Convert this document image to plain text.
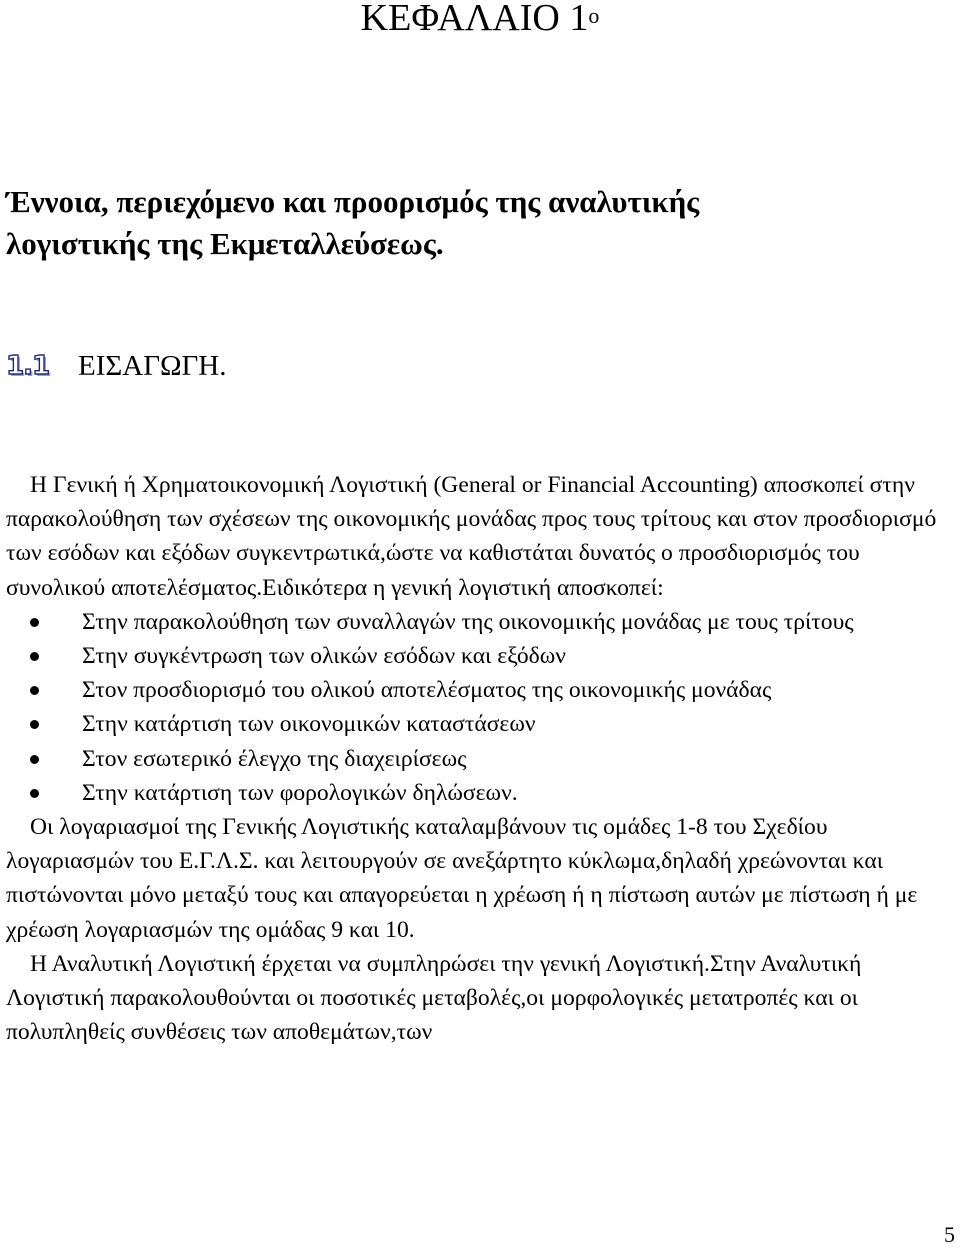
ΚΕΦΑΛΑΙΟ $1^o$
Έννοια, περιεχόμενο και προορισμός της αναλυτικής
λογιστικής της Εκμεταλλεύσεως.
1.1 ΕΙΣΑΓΩΓΗ.

Η Γενική ή Χρηματοικονομική Λογιστική (General or Financial Accounting) αποσκοπεί στην παρακολούθηση των σχέσεων της οικονομικής μονάδας προς τους τρίτους και στον προσδιορισμό των εσόδων και εξόδων συγκεντρωτικά,ώστε να καθιστάται δυνατός ο προσδιορισμός του συνολικού αποτελέσματος.Ειδικότερα η γενική λογιστική αποσκοπεί:

Στην παρακολούθηση των συναλλαγών της οικονομικής μονάδας με τους τρίτους
Στην συγκέντρωση των ολικών εσόδων και εξόδων
Στον προσδιορισμό του ολικού αποτελέσματος της οικονομικής μονάδας
Στην κατάρτιση των οικονομικών καταστάσεων
Στον εσωτερικό έλεγχο της διαχειρίσεως
Στην κατάρτιση των φορολογικών δηλώσεων.

Οι λογαριασμοί της Γενικής Λογιστικής καταλαμβάνουν τις ομάδες 1-8 του Σχεδίου λογαριασμών του Ε.Γ.Λ.Σ. και λειτουργούν σε ανεξάρτητο κύκλωμα,δηλαδή χρεώνονται και πιστώνονται μόνο μεταξύ τους και απαγορεύεται η χρέωση ή η πίστωση αυτών με πίστωση ή με χρέωση λογαριασμών της ομάδας 9 και 10.

Η Αναλυτική Λογιστική έρχεται να συμπληρώσει την γενική Λογιστική.Στην Αναλυτική Λογιστική παρακολουθούνται οι ποσοτικές μεταβολές,οι μορφολογικές μετατροπές και οι πολυπληθείς συνθέσεις των αποθεμάτων,των

5
